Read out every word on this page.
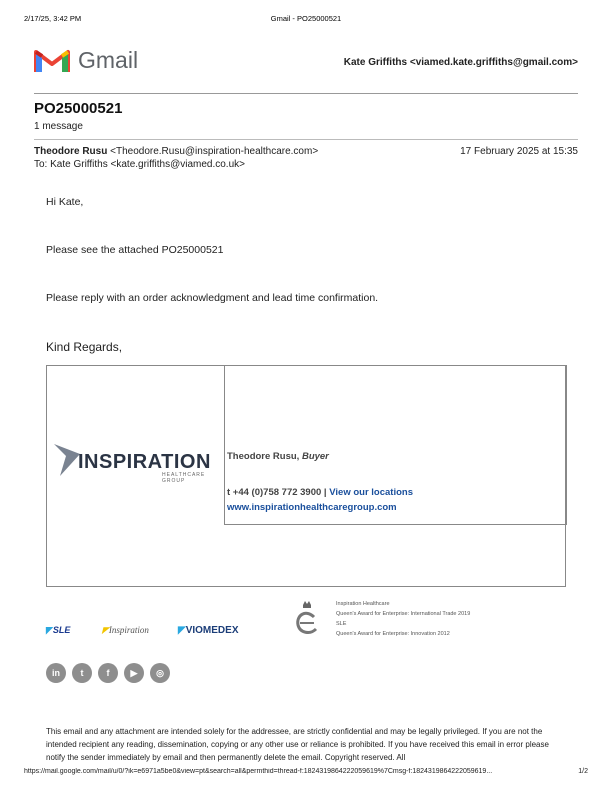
2/17/25, 3:42 PM	Gmail - PO25000521
Gmail	Kate Griffiths <viamed.kate.griffiths@gmail.com>
PO25000521
1 message
Theodore Rusu <Theodore.Rusu@inspiration-healthcare.com>	17 February 2025 at 15:35
To: Kate Griffiths <kate.griffiths@viamed.co.uk>
Hi Kate,
Please see the attached PO25000521
Please reply with an order acknowledgment and lead time confirmation.
Kind Regards,
INSPIRATION
HEALTHCARE GROUP
Theodore Rusu, Buyer
t +44 (0)758 772 3900 | View our locations
www.inspirationhealthcaregroup.com
Inspiration Healthcare
Queen's Award for Enterprise: International Trade 2019
SLE
Queen's Award for Enterprise: Innovation 2012
◤SLE	◤Inspiration	◤VIOMEDEX
in	t	f	▶	◎
This email and any attachment are intended solely for the addressee, are strictly confidential and may be legally privileged. If you are not the intended recipient any reading, dissemination, copying or any other use or reliance is prohibited. If you have received this email in error please notify the sender immediately by email and then permanently delete the email. Copyright reserved. All
https://mail.google.com/mail/u/0/?ik=e6971a5be0&view=pt&search=all&permthid=thread-f:1824319864222059619%7Cmsg-f:1824319864222059619...	1/2
